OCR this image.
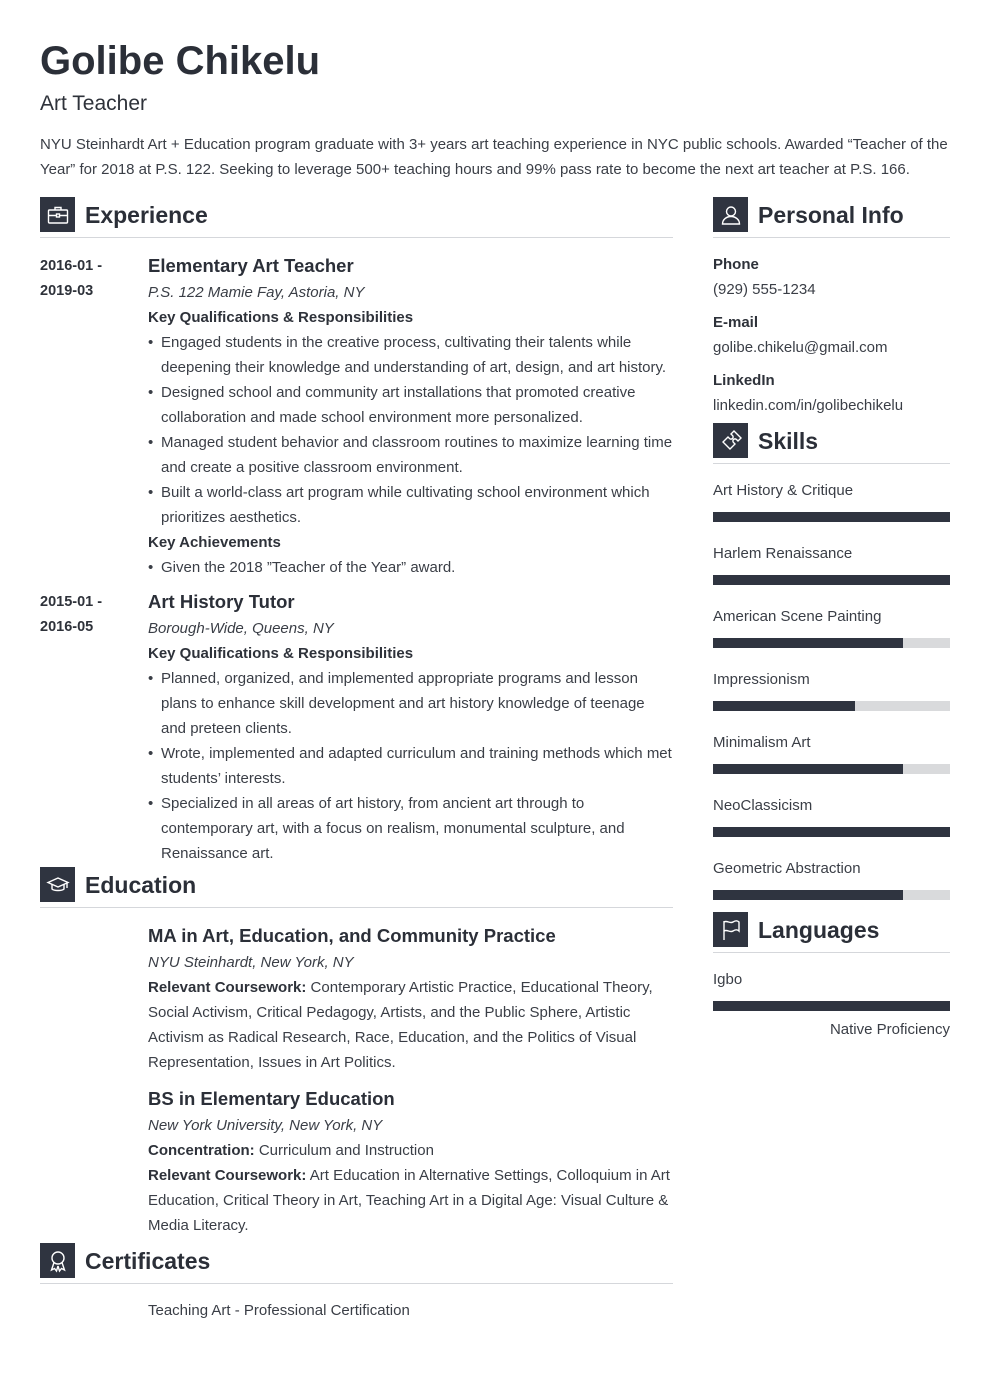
Golibe Chikelu
Art Teacher
NYU Steinhardt Art + Education program graduate with 3+ years art teaching experience in NYC public schools. Awarded “Teacher of the Year” for 2018 at P.S. 122. Seeking to leverage 500+ teaching hours and 99% pass rate to become the next art teacher at P.S. 166.
Experience
2016-01 -
2019-03
Elementary Art Teacher
P.S. 122 Mamie Fay, Astoria, NY
Key Qualifications & Responsibilities
• Engaged students in the creative process, cultivating their talents while deepening their knowledge and understanding of art, design, and art history.
• Designed school and community art installations that promoted creative collaboration and made school environment more personalized.
• Managed student behavior and classroom routines to maximize learning time and create a positive classroom environment.
• Built a world-class art program while cultivating school environment which prioritizes aesthetics.
Key Achievements
• Given the 2018 ”Teacher of the Year” award.
2015-01 -
2016-05
Art History Tutor
Borough-Wide, Queens, NY
Key Qualifications & Responsibilities
• Planned, organized, and implemented appropriate programs and lesson plans to enhance skill development and art history knowledge of teenage and preteen clients.
• Wrote, implemented and adapted curriculum and training methods which met students’ interests.
• Specialized in all areas of art history, from ancient art through to contemporary art, with a focus on realism, monumental sculpture, and Renaissance art.
Education
MA in Art, Education, and Community Practice
NYU Steinhardt, New York, NY
Relevant Coursework: Contemporary Artistic Practice, Educational Theory, Social Activism, Critical Pedagogy, Artists, and the Public Sphere, Artistic Activism as Radical Research, Race, Education, and the Politics of Visual Representation, Issues in Art Politics.
BS in Elementary Education
New York University, New York, NY
Concentration: Curriculum and Instruction
Relevant Coursework: Art Education in Alternative Settings, Colloquium in Art Education, Critical Theory in Art, Teaching Art in a Digital Age: Visual Culture & Media Literacy.
Certificates
Teaching Art - Professional Certification
Personal Info
Phone
(929) 555-1234
E-mail
golibe.chikelu@gmail.com
LinkedIn
linkedin.com/in/golibechikelu
Skills
Art History & Critique
Harlem Renaissance
American Scene Painting
Impressionism
Minimalism Art
NeoClassicism
Geometric Abstraction
Languages
Igbo
Native Proficiency
